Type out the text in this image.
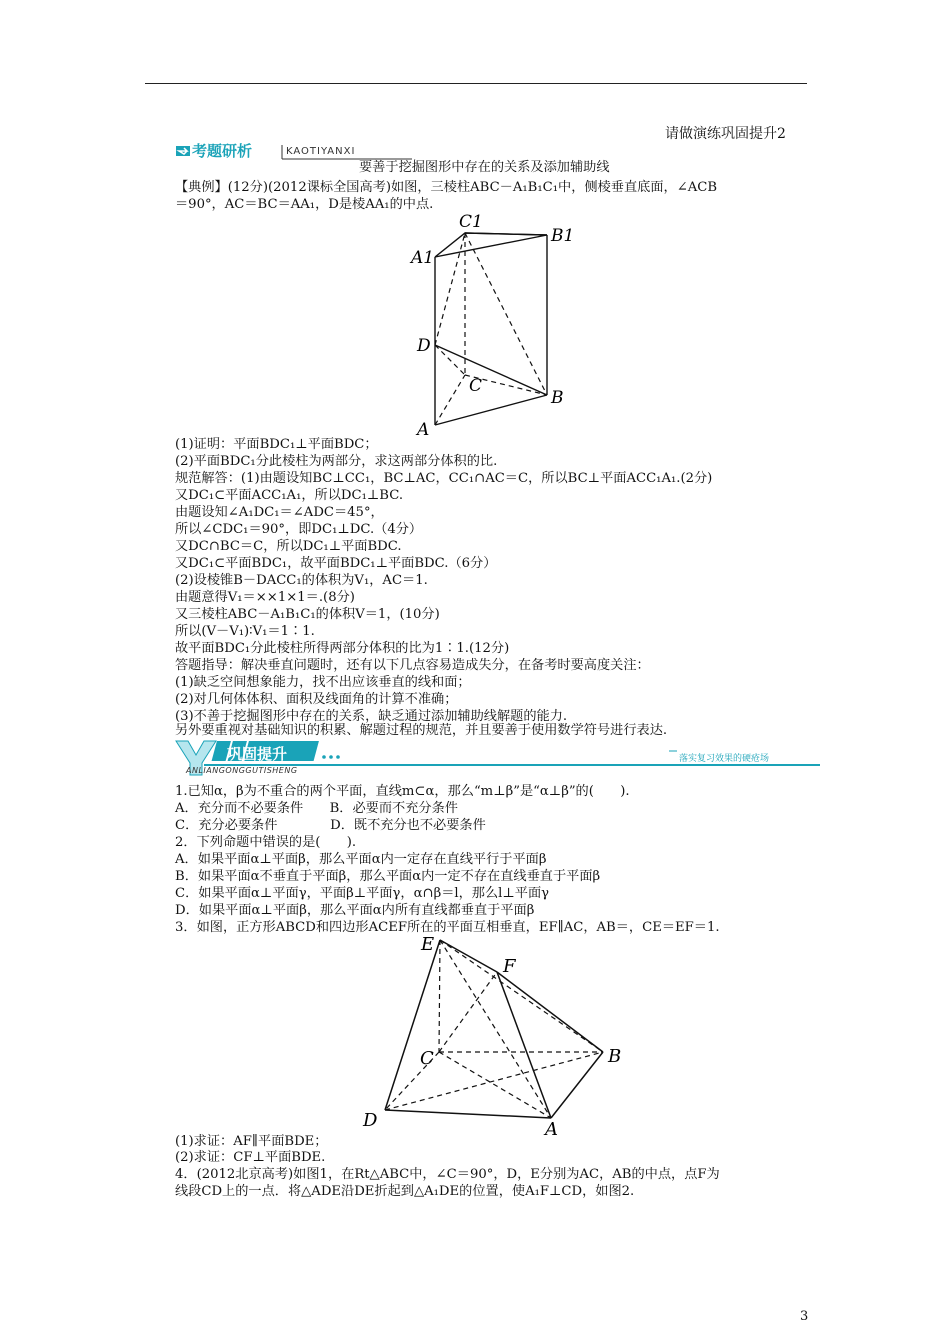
请做演练巩固提升2
考题研析	KAOTIYANXI
要善于挖掘图形中存在的关系及添加辅助线
【典例】(12分)(2012课标全国高考)如图，三棱柱ABC－A₁B₁C₁中，侧棱垂直底面，∠ACB
＝90°，AC＝BC＝AA₁，D是棱AA₁的中点.
C1
B1
A1
D
C
B
A
(1)证明：平面BDC₁⊥平面BDC；
(2)平面BDC₁分此棱柱为两部分，求这两部分体积的比.
规范解答：(1)由题设知BC⊥CC₁，BC⊥AC，CC₁∩AC＝C，所以BC⊥平面ACC₁A₁.(2分)
又DC₁⊂平面ACC₁A₁，所以DC₁⊥BC.
由题设知∠A₁DC₁＝∠ADC＝45°，
所以∠CDC₁＝90°，即DC₁⊥DC.（4分）
又DC∩BC＝C，所以DC₁⊥平面BDC.
又DC₁⊂平面BDC₁，故平面BDC₁⊥平面BDC.（6分）
(2)设棱锥B－DACC₁的体积为V₁，AC＝1.
由题意得V₁＝××1×1＝.(8分)
又三棱柱ABC－A₁B₁C₁的体积V＝1，(10分)
所以(V－V₁)∶V₁＝1∶1.
故平面BDC₁分此棱柱所得两部分体积的比为1∶1.(12分)
答题指导：解决垂直问题时，还有以下几点容易造成失分，在备考时要高度关注：
(1)缺乏空间想象能力，找不出应该垂直的线和面；
(2)对几何体体积、面积及线面角的计算不准确；
(3)不善于挖掘图形中存在的关系，缺乏通过添加辅助线解题的能力.
另外要重视对基础知识的积累、解题过程的规范，并且要善于使用数学符号进行表达.
巩固提升
ANLIANGONGGUTISHENG
落实复习效果的硬疮场
1.已知α，β为不重合的两个平面，直线m⊂α，那么“m⊥β”是“α⊥β”的(　　).
A．充分而不必要条件　　B．必要而不充分条件
C．充分必要条件　　　　D．既不充分也不必要条件
2．下列命题中错误的是(　　).
A．如果平面α⊥平面β，那么平面α内一定存在直线平行于平面β
B．如果平面α不垂直于平面β，那么平面α内一定不存在直线垂直于平面β
C．如果平面α⊥平面γ，平面β⊥平面γ，α∩β＝l，那么l⊥平面γ
D．如果平面α⊥平面β，那么平面α内所有直线都垂直于平面β
3．如图，正方形ABCD和四边形ACEF所在的平面互相垂直，EF∥AC，AB＝，CE＝EF＝1.
E
F
C	B
D	A
(1)求证：AF∥平面BDE；
(2)求证：CF⊥平面BDE.
4．(2012北京高考)如图1，在Rt△ABC中，∠C＝90°，D，E分别为AC，AB的中点，点F为
线段CD上的一点．将△ADE沿DE折起到△A₁DE的位置，使A₁F⊥CD，如图2.
3
